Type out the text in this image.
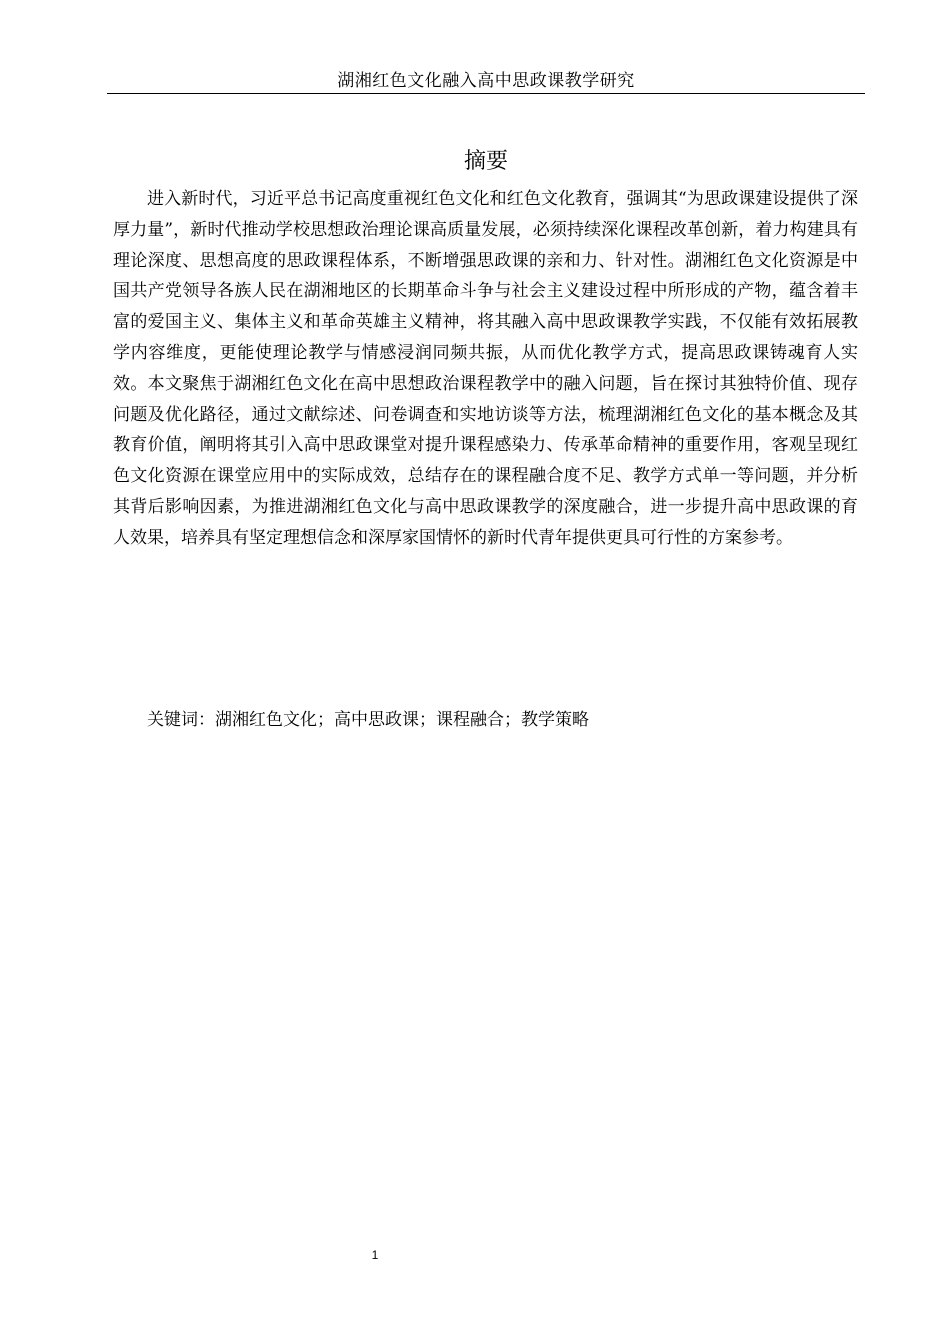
湖湘红色文化融入高中思政课教学研究
摘要

进入新时代，习近平总书记高度重视红色文化和红色文化教育，强调其“为思政课建设提供了深厚力量”，新时代推动学校思想政治理论课高质量发展，必须持续深化课程改革创新，着力构建具有理论深度、思想高度的思政课程体系，不断增强思政课的亲和力、针对性。湖湘红色文化资源是中国共产党领导各族人民在湖湘地区的长期革命斗争与社会主义建设过程中所形成的产物，蕴含着丰富的爱国主义、集体主义和革命英雄主义精神，将其融入高中思政课教学实践，不仅能有效拓展教学内容维度，更能使理论教学与情感浸润同频共振，从而优化教学方式，提高思政课铸魂育人实效。本文聚焦于湖湘红色文化在高中思想政治课程教学中的融入问题，旨在探讨其独特价值、现存问题及优化路径，通过文献综述、问卷调查和实地访谈等方法，梳理湖湘红色文化的基本概念及其教育价值，阐明将其引入高中思政课堂对提升课程感染力、传承革命精神的重要作用，客观呈现红色文化资源在课堂应用中的实际成效，总结存在的课程融合度不足、教学方式单一等问题，并分析其背后影响因素，为推进湖湘红色文化与高中思政课教学的深度融合，进一步提升高中思政课的育人效果，培养具有坚定理想信念和深厚家国情怀的新时代青年提供更具可行性的方案参考。

关键词：湖湘红色文化；高中思政课；课程融合；教学策略

1
